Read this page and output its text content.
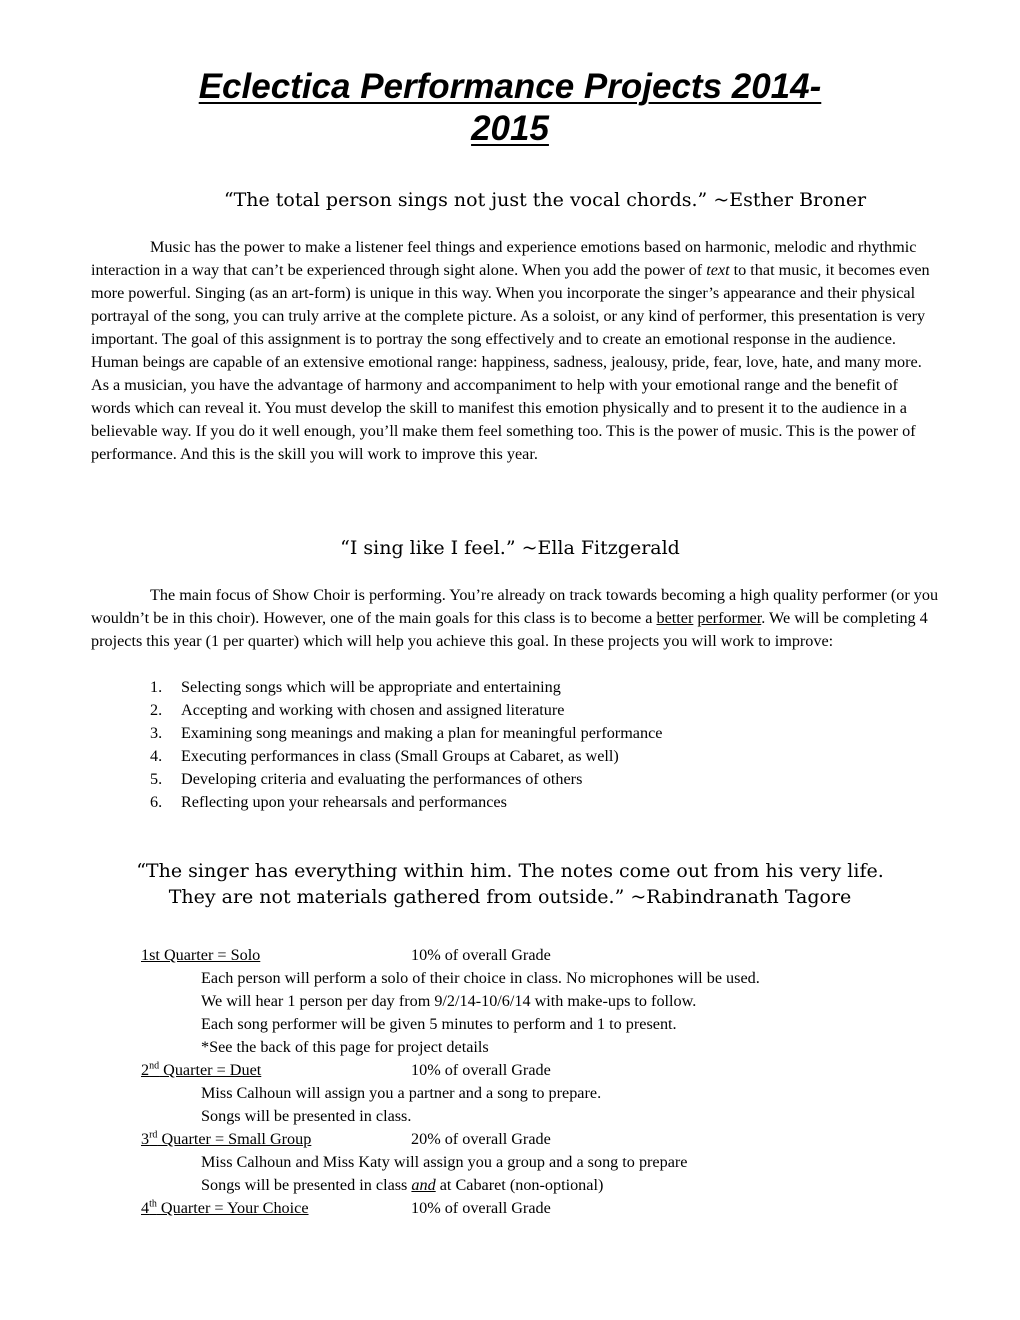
Eclectica Performance Projects 2014-
2015

“The total person sings not just the vocal chords.” ~Esther Broner

Music has the power to make a listener feel things and experience emotions based on harmonic, melodic and rhythmic interaction in a way that can’t be experienced through sight alone. When you add the power of text to that music, it becomes even more powerful. Singing (as an art-form) is unique in this way. When you incorporate the singer’s appearance and their physical portrayal of the song, you can truly arrive at the complete picture. As a soloist, or any kind of performer, this presentation is very important. The goal of this assignment is to portray the song effectively and to create an emotional response in the audience. Human beings are capable of an extensive emotional range: happiness, sadness, jealousy, pride, fear, love, hate, and many more. As a musician, you have the advantage of harmony and accompaniment to help with your emotional range and the benefit of words which can reveal it. You must develop the skill to manifest this emotion physically and to present it to the audience in a believable way. If you do it well enough, you’ll make them feel something too. This is the power of music. This is the power of performance. And this is the skill you will work to improve this year.

“I sing like I feel.” ~Ella Fitzgerald

The main focus of Show Choir is performing. You’re already on track towards becoming a high quality performer (or you wouldn’t be in this choir). However, one of the main goals for this class is to become a better performer. We will be completing 4 projects this year (1 per quarter) which will help you achieve this goal. In these projects you will work to improve:

1.	Selecting songs which will be appropriate and entertaining
2.	Accepting and working with chosen and assigned literature
3.	Examining song meanings and making a plan for meaningful performance
4.	Executing performances in class (Small Groups at Cabaret, as well)
5.	Developing criteria and evaluating the performances of others
6.	Reflecting upon your rehearsals and performances

“The singer has everything within him. The notes come out from his very life.

They are not materials gathered from outside.” ~Rabindranath Tagore

1st Quarter = Solo	10% of overall Grade

Each person will perform a solo of their choice in class. No microphones will be used.

We will hear 1 person per day from 9/2/14-10/6/14 with make-ups to follow.

Each song performer will be given 5 minutes to perform and 1 to present.

*See the back of this page for project details

2nd Quarter = Duet	10% of overall Grade

Miss Calhoun will assign you a partner and a song to prepare.

Songs will be presented in class.

3rd Quarter = Small Group	20% of overall Grade

Miss Calhoun and Miss Katy will assign you a group and a song to prepare

Songs will be presented in class and at Cabaret (non-optional)

4th Quarter = Your Choice	10% of overall Grade
